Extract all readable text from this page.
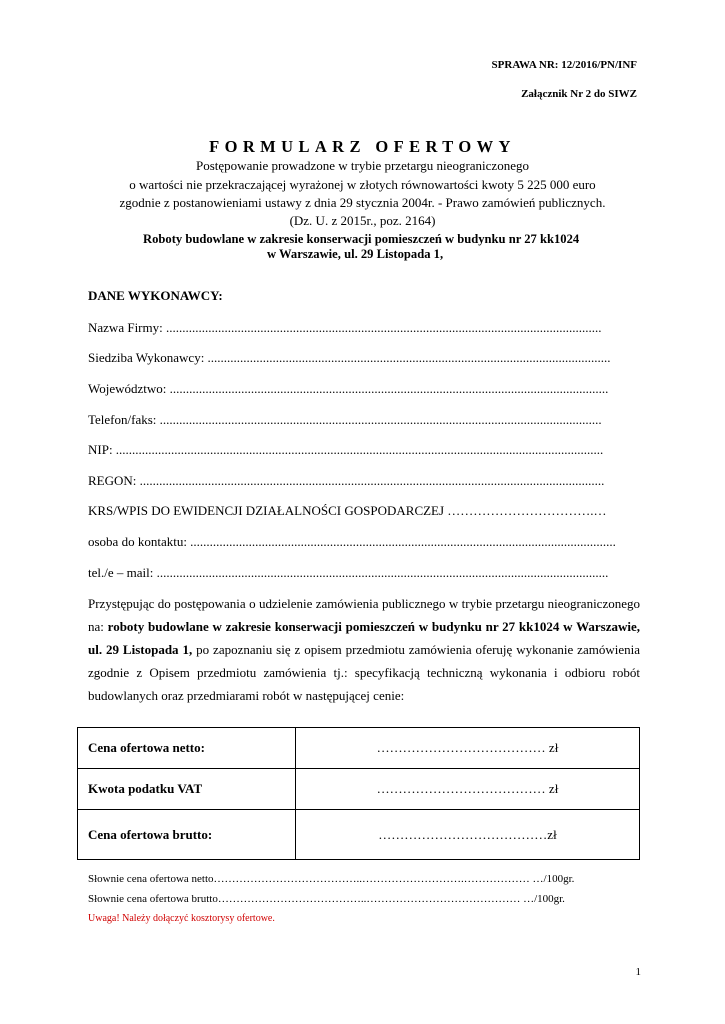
SPRAWA NR: 12/2016/PN/INF
Załącznik Nr 2 do SIWZ
FORMULARZ OFERTOWY
Postępowanie prowadzone w trybie przetargu nieograniczonego
o wartości nie przekraczającej wyrażonej w złotych równowartości kwoty 5 225 000 euro
zgodnie z postanowieniami ustawy z dnia 29 stycznia 2004r. - Prawo zamówień publicznych.
(Dz. U. z 2015r., poz. 2164)
Roboty budowlane w zakresie konserwacji pomieszczeń w budynku nr 27 kk1024
w Warszawie, ul. 29 Listopada 1,
DANE WYKONAWCY:
Nazwa Firmy: ......................................................................................................................................
Siedziba Wykonawcy: ............................................................................................................................
Województwo: .......................................................................................................................................
Telefon/faks: ........................................................................................................................................
NIP: ......................................................................................................................................................
REGON: ...............................................................................................................................................
KRS/WPIS DO EWIDENCJI DZIAŁALNOŚCI GOSPODARCZEJ …………………………….…
osoba do kontaktu: ...................................................................................................................................
tel./e – mail: ...........................................................................................................................................
Przystępując do postępowania o udzielenie zamówienia publicznego w trybie przetargu nieograniczonego na: roboty budowlane w zakresie konserwacji pomieszczeń w budynku nr 27 kk1024 w Warszawie, ul. 29 Listopada 1, po zapoznaniu się z opisem przedmiotu zamówienia oferuję wykonanie zamówienia zgodnie z Opisem przedmiotu zamówienia tj.: specyfikacją techniczną wykonania i odbioru robót budowlanych oraz przedmiarami robót w następującej cenie:
Cena ofertowa netto:	………………………………… zł
Kwota podatku VAT	………………………………… zł
Cena ofertowa brutto:	…………………………………zł
Słownie cena ofertowa netto…………………………………..……………………….……………… …/100gr.
Słownie cena ofertowa brutto…………………………………..…………………………………… …/100gr.
Uwaga! Należy dołączyć kosztorysy ofertowe.
1
